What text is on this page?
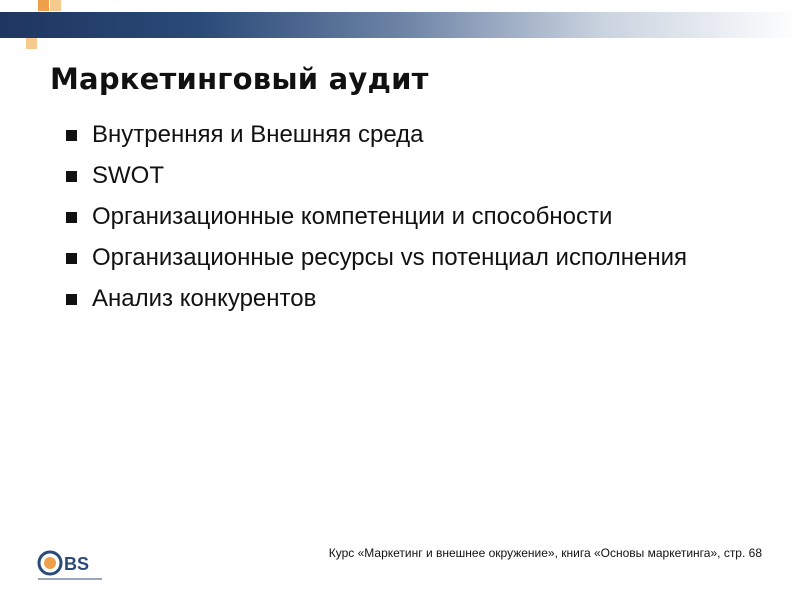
Маркетинговый аудит
Внутренняя и Внешняя среда
SWOT
Организационные компетенции и способности
Организационные ресурсы vs потенциал исполнения
Анализ конкурентов
BS
Курс «Маркетинг и внешнее окружение», книга «Основы маркетинга», стр. 68
